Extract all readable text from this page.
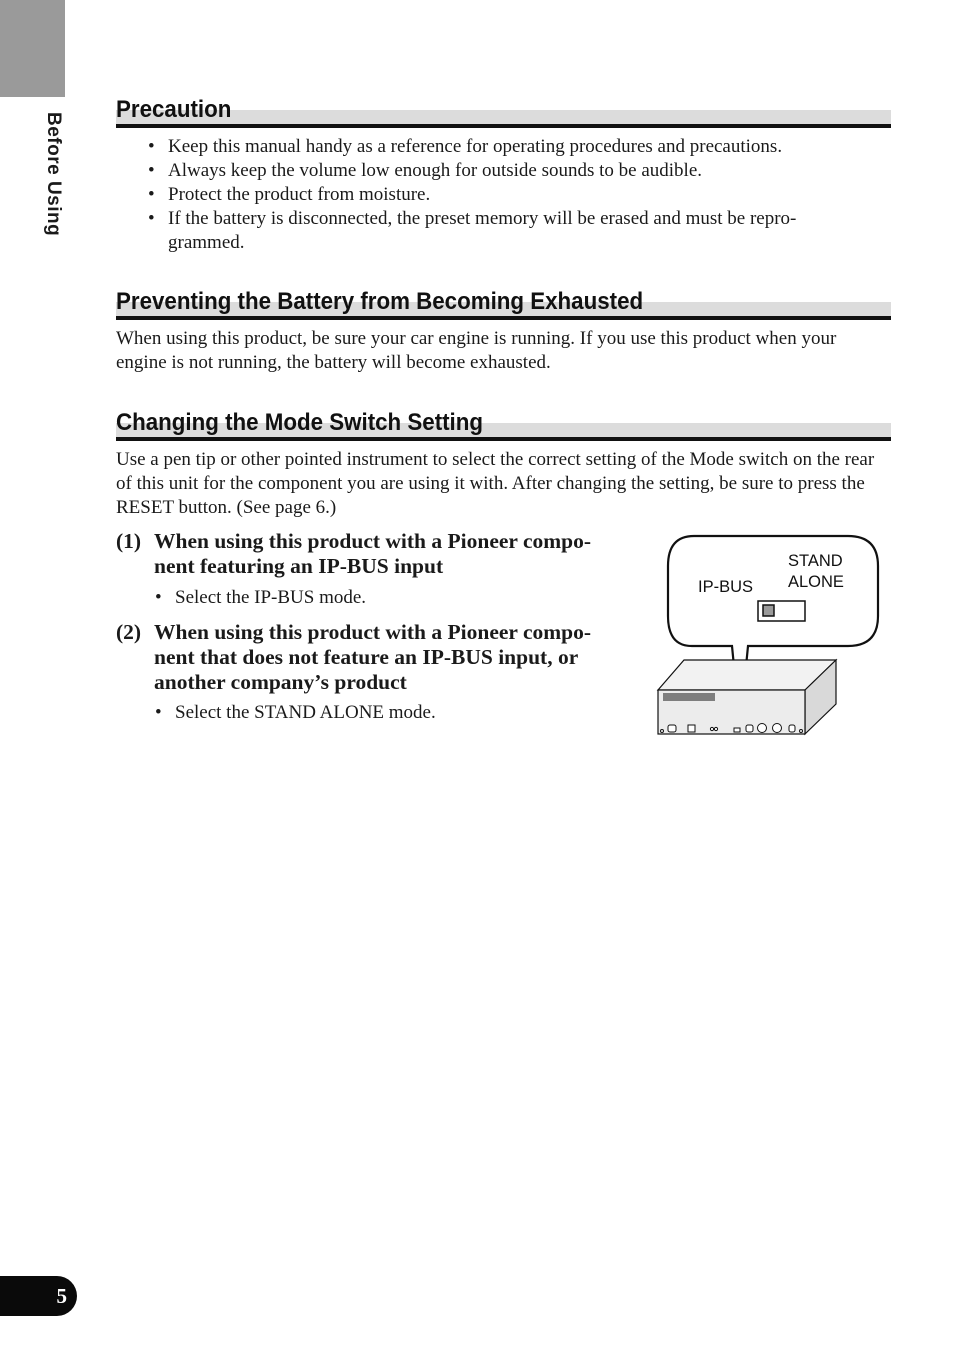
Before Using
Precaution
• Keep this manual handy as a reference for operating procedures and precautions.
• Always keep the volume low enough for outside sounds to be audible.
• Protect the product from moisture.
• If the battery is disconnected, the preset memory will be erased and must be repro- grammed.
Preventing the Battery from Becoming Exhausted

When using this product, be sure your car engine is running. If you use this product when your engine is not running, the battery will become exhausted.

Changing the Mode Switch Setting

Use a pen tip or other pointed instrument to select the correct setting of the Mode switch on the rear of this unit for the component you are using it with. After changing the setting, be sure to press the RESET button. (See page 6.)

(1) When using this product with a Pioneer compo- nent featuring an IP-BUS input
• Select the IP-BUS mode.
(2) When using this product with a Pioneer compo- nent that does not feature an IP-BUS input, or another company’s product
• Select the STAND ALONE mode.
IP-BUS
STAND
ALONE
5
